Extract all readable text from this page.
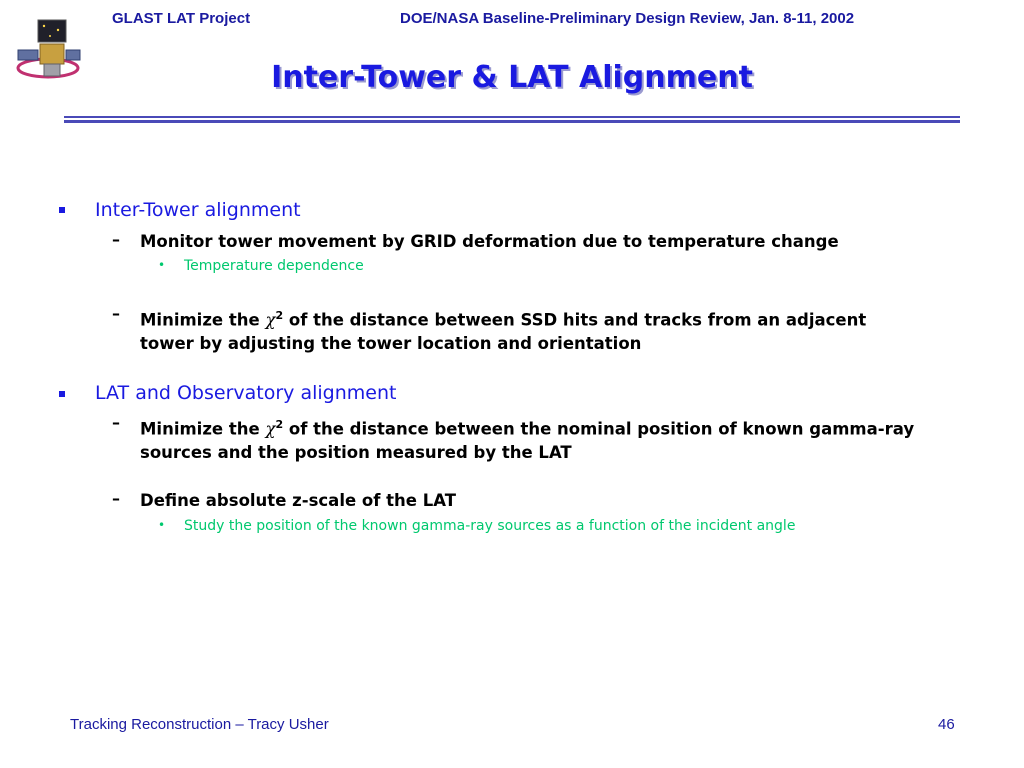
GLAST LAT Project	DOE/NASA Baseline-Preliminary Design Review, Jan. 8-11, 2002
Inter-Tower & LAT Alignment
Inter-Tower alignment
– Monitor tower movement by GRID deformation due to temperature change
• Temperature dependence
– Minimize the $\chi^2$ of the distance between SSD hits and tracks from an adjacent
tower by adjusting the tower location and orientation
LAT and Observatory alignment
– Minimize the $\chi^2$ of the distance between the nominal position of known gamma-ray
sources and the position measured by the LAT
– Define absolute z-scale of the LAT
• Study the position of the known gamma-ray sources as a function of the incident angle
Tracking Reconstruction – Tracy Usher	46
